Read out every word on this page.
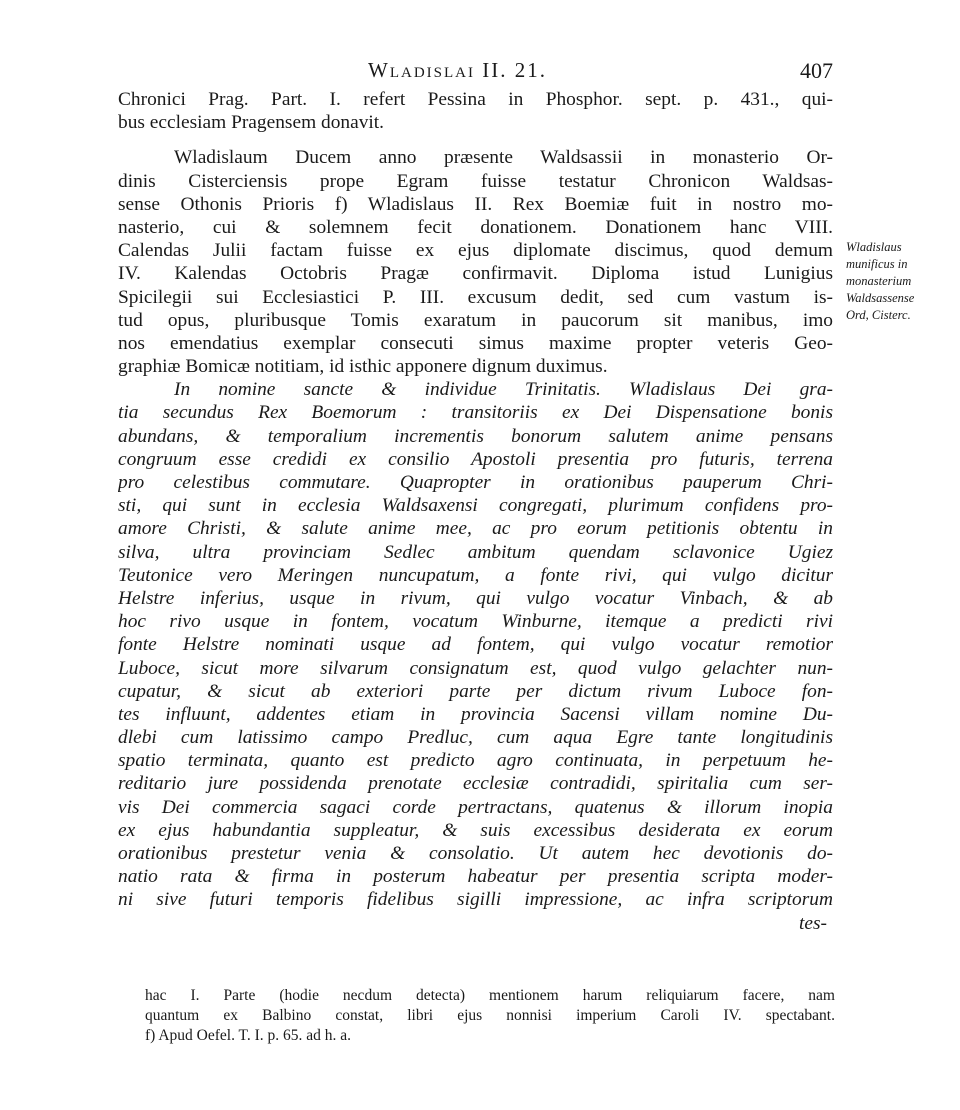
Wladislai II. 21.	407
Chronici Prag. Part. I. refert Pessina in Phosphor. sept. p. 431., qui-
bus ecclesiam Pragensem donavit.
Wladislaum Ducem anno præsente Waldsassii in monasterio Or-
dinis Cisterciensis prope Egram fuisse testatur Chronicon Waldsas-
sense Othonis Prioris f) Wladislaus II. Rex Boemiæ fuit in nostro mo-
nasterio, cui & solemnem fecit donationem. Donationem hanc VIII.
Calendas Julii factam fuisse ex ejus diplomate discimus, quod demum
IV. Kalendas Octobris Pragæ confirmavit. Diploma istud Lunigius
Spicilegii sui Ecclesiastici P. III. excusum dedit, sed cum vastum is-
tud opus, pluribusque Tomis exaratum in paucorum sit manibus, imo
nos emendatius exemplar consecuti simus maxime propter veteris Geo-
graphiæ Bomicæ notitiam, id isthic apponere dignum duximus.
In nomine sancte & individue Trinitatis. Wladislaus Dei gra-
tia secundus Rex Boemorum : transitoriis ex Dei Dispensatione bonis
abundans, & temporalium incrementis bonorum salutem anime pensans
congruum esse credidi ex consilio Apostoli presentia pro futuris, terrena
pro celestibus commutare. Quapropter in orationibus pauperum Chri-
sti, qui sunt in ecclesia Waldsaxensi congregati, plurimum confidens pro-
amore Christi, & salute anime mee, ac pro eorum petitionis obtentu in
silva, ultra provinciam Sedlec ambitum quendam sclavonice Ugiez
Teutonice vero Meringen nuncupatum, a fonte rivi, qui vulgo dicitur
Helstre inferius, usque in rivum, qui vulgo vocatur Vinbach, & ab
hoc rivo usque in fontem, vocatum Winburne, itemque a predicti rivi
fonte Helstre nominati usque ad fontem, qui vulgo vocatur remotior
Luboce, sicut more silvarum consignatum est, quod vulgo gelachter nun-
cupatur, & sicut ab exteriori parte per dictum rivum Luboce fon-
tes influunt, addentes etiam in provincia Sacensi villam nomine Du-
dlebi cum latissimo campo Predluc, cum aqua Egre tante longitudinis
spatio terminata, quanto est predicto agro continuata, in perpetuum he-
reditario jure possidenda prenotate ecclesiæ contradidi, spiritalia cum ser-
vis Dei commercia sagaci corde pertractans, quatenus & illorum inopia
ex ejus habundantia suppleatur, & suis excessibus desiderata ex eorum
orationibus prestetur venia & consolatio. Ut autem hec devotionis do-
natio rata & firma in posterum habeatur per presentia scripta moder-
ni sive futuri temporis fidelibus sigilli impressione, ac infra scriptorum
tes-
Wladislaus
munificus in
monasterium
Waldsassense
Ord, Cisterc.
hac I. Parte (hodie necdum detecta) mentionem harum reliquiarum facere, nam
quantum ex Balbino constat, libri ejus nonnisi imperium Caroli IV. spectabant.
f) Apud Oefel. T. I. p. 65. ad h. a.
